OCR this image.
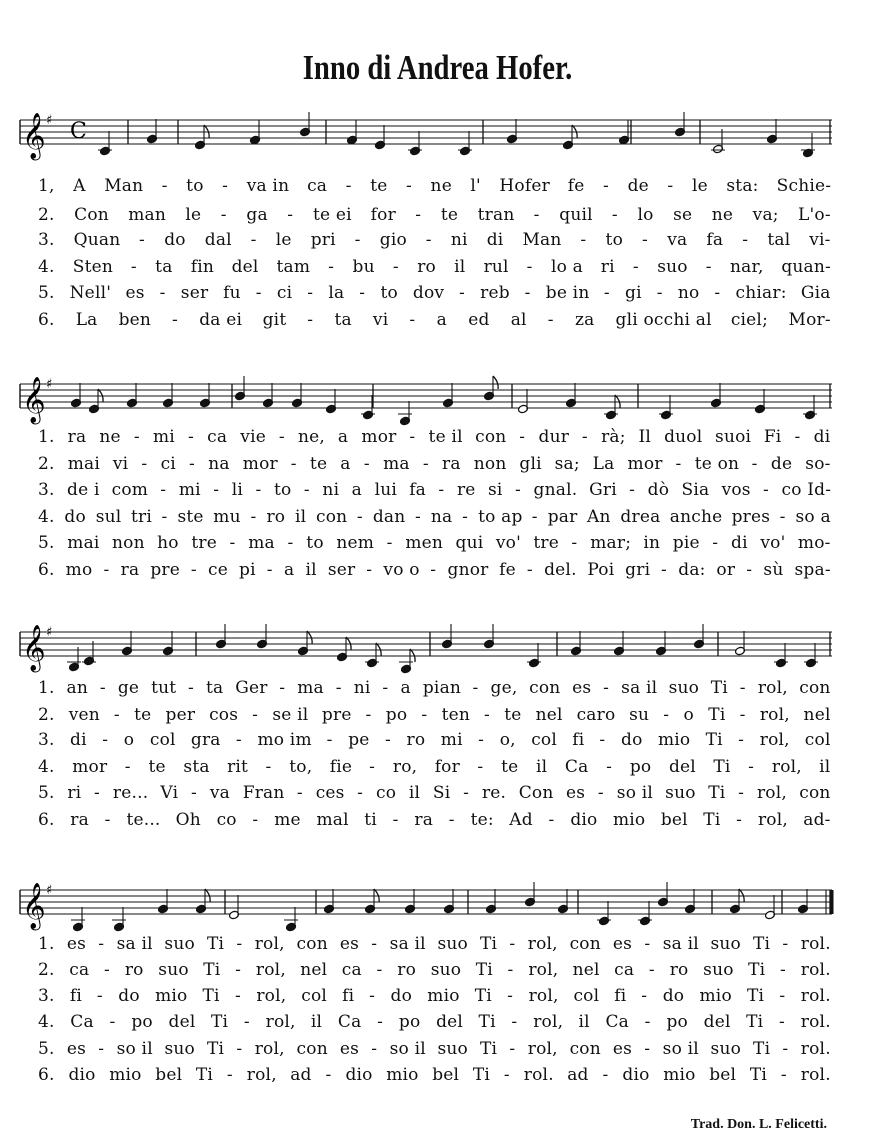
Inno di Andrea Hofer.
𝄞 ♯ C
1, A Man - to - va in ca - te - ne l' Hofer fe - de - le sta: Schie-
2. Con man le - ga - te ei for - te tran - quil - lo se ne va; L'o-
3. Quan - do dal - le pri - gio - ni di Man - to - va fa - tal vi-
4. Sten - ta fin del tam - bu - ro il rul - lo a ri - suo - nar, quan-
5. Nell' es - ser fu - ci - la - to dov - reb - be in - gi - no - chiar: Gia
6. La ben - da ei git - ta vi - a ed al - za gli occhi al ciel; Mor-
𝄞 ♯
1. ra ne - mi - ca vie - ne, a mor - te il con - dur - rà; Il duol suoi Fi - di
2. mai vi - ci - na mor - te a - ma - ra non gli sa; La mor - te on - de so-
3. de i com - mi - li - to - ni a lui fa - re si - gnal. Gri - dò Sia vos - co Id-
4. do sul tri - ste mu - ro il con - dan - na - to ap - par An drea anche pres - so a
5. mai non ho tre - ma - to nem - men qui vo' tre - mar; in pie - di vo' mo-
6. mo - ra pre - ce pi - a il ser - vo o - gnor fe - del. Poi gri - da: or - sù spa-
𝄞 ♯
1. an - ge tut - ta Ger - ma - ni - a pian - ge, con es - sa il suo Ti - rol, con
2. ven - te per cos - se il pre - po - ten - te nel caro su - o Ti - rol, nel
3. di - o col gra - mo im - pe - ro mi - o, col fi - do mio Ti - rol, col
4. mor - te sta rit - to, fie - ro, for - te il Ca - po del Ti - rol, il
5. ri - re... Vi - va Fran - ces - co il Si - re. Con es - so il suo Ti - rol, con
6. ra - te... Oh co - me mal ti - ra - te: Ad - dio mio bel Ti - rol, ad-
𝄞 ♯
1. es - sa il suo Ti - rol, con es - sa il suo Ti - rol, con es - sa il suo Ti - rol.
2. ca - ro suo Ti - rol, nel ca - ro suo Ti - rol, nel ca - ro suo Ti - rol.
3. fi - do mio Ti - rol, col fi - do mio Ti - rol, col fi - do mio Ti - rol.
4. Ca - po del Ti - rol, il Ca - po del Ti - rol, il Ca - po del Ti - rol.
5. es - so il suo Ti - rol, con es - so il suo Ti - rol, con es - so il suo Ti - rol.
6. dio mio bel Ti - rol, ad - dio mio bel Ti - rol. ad - dio mio bel Ti - rol.
Trad. Don. L. Felicetti.
